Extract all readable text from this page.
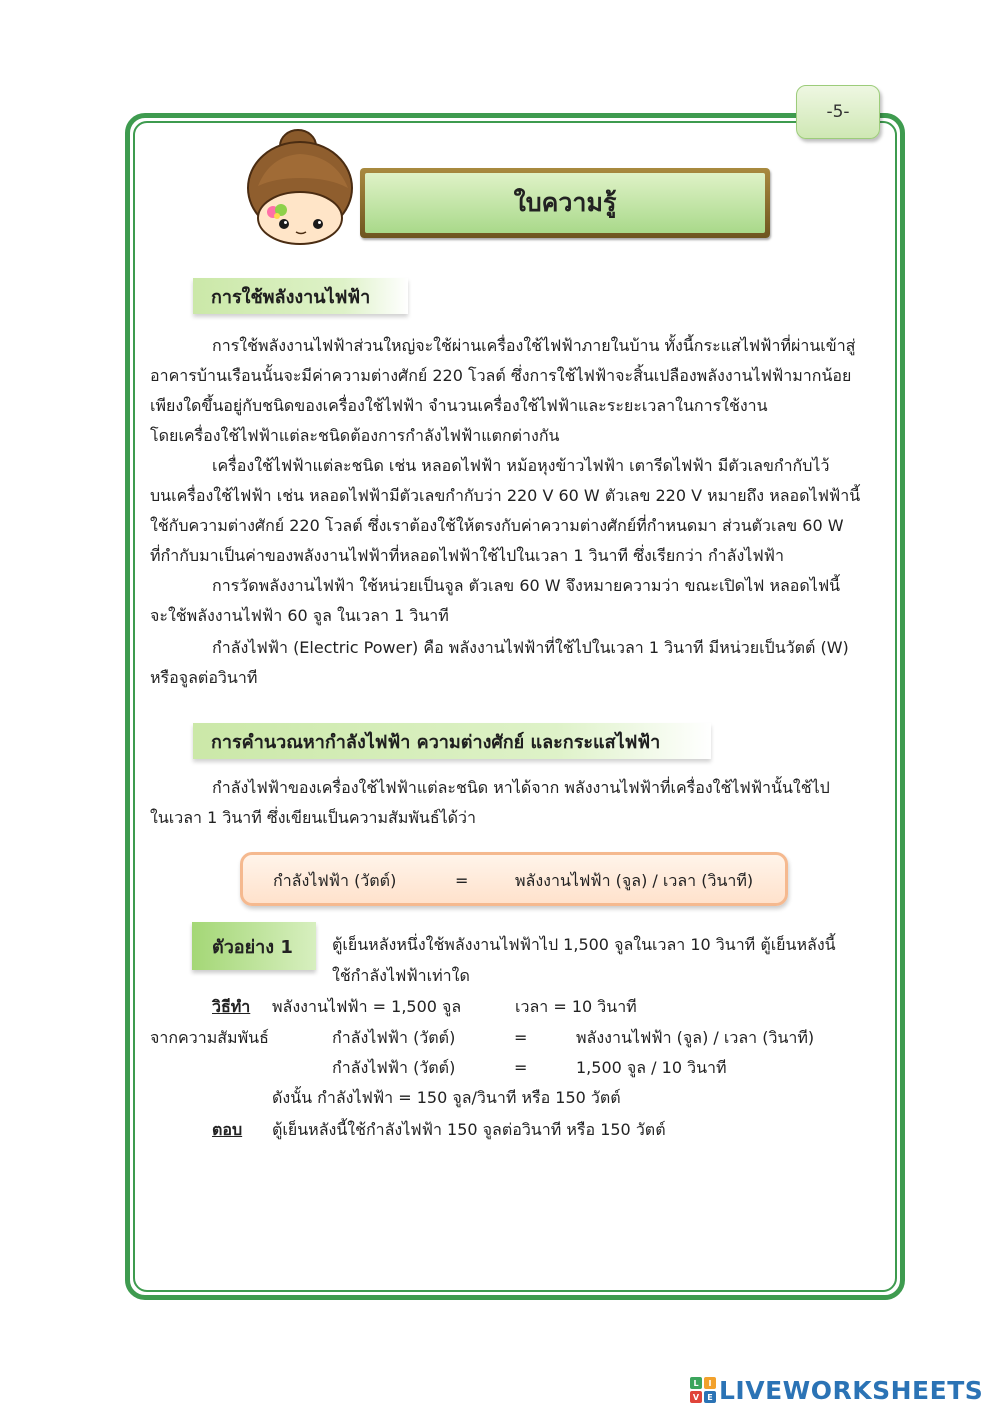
-5-
ใบความรู้
การใช้พลังงานไฟฟ้า
การใช้พลังงานไฟฟ้าส่วนใหญ่จะใช้ผ่านเครื่องใช้ไฟฟ้าภายในบ้าน ทั้งนี้กระแสไฟฟ้าที่ผ่านเข้าสู่
อาคารบ้านเรือนนั้นจะมีค่าความต่างศักย์ 220 โวลต์ ซึ่งการใช้ไฟฟ้าจะสิ้นเปลืองพลังงานไฟฟ้ามากน้อย
เพียงใดขึ้นอยู่กับชนิดของเครื่องใช้ไฟฟ้า จำนวนเครื่องใช้ไฟฟ้าและระยะเวลาในการใช้งาน
โดยเครื่องใช้ไฟฟ้าแต่ละชนิดต้องการกำลังไฟฟ้าแตกต่างกัน
เครื่องใช้ไฟฟ้าแต่ละชนิด เช่น หลอดไฟฟ้า หม้อหุงข้าวไฟฟ้า เตารีดไฟฟ้า มีตัวเลขกำกับไว้
บนเครื่องใช้ไฟฟ้า เช่น หลอดไฟฟ้ามีตัวเลขกำกับว่า 220 V 60 W ตัวเลข 220 V หมายถึง หลอดไฟฟ้านี้
ใช้กับความต่างศักย์ 220 โวลต์ ซึ่งเราต้องใช้ให้ตรงกับค่าความต่างศักย์ที่กำหนดมา ส่วนตัวเลข 60 W
ที่กำกับมาเป็นค่าของพลังงานไฟฟ้าที่หลอดไฟฟ้าใช้ไปในเวลา 1 วินาที ซึ่งเรียกว่า กำลังไฟฟ้า
การวัดพลังงานไฟฟ้า ใช้หน่วยเป็นจูล ตัวเลข 60 W จึงหมายความว่า ขณะเปิดไฟ หลอดไฟนี้
จะใช้พลังงานไฟฟ้า 60 จูล ในเวลา 1 วินาที
กำลังไฟฟ้า (Electric Power) คือ พลังงานไฟฟ้าที่ใช้ไปในเวลา 1 วินาที มีหน่วยเป็นวัตต์ (W)
หรือจูลต่อวินาที
การคำนวณหากำลังไฟฟ้า ความต่างศักย์ และกระแสไฟฟ้า
กำลังไฟฟ้าของเครื่องใช้ไฟฟ้าแต่ละชนิด หาได้จาก พลังงานไฟฟ้าที่เครื่องใช้ไฟฟ้านั้นใช้ไป
ในเวลา 1 วินาที ซึ่งเขียนเป็นความสัมพันธ์ได้ว่า
กำลังไฟฟ้า (วัตต์)	=	พลังงานไฟฟ้า (จูล) / เวลา (วินาที)
ตัวอย่าง 1 ตู้เย็นหลังหนึ่งใช้พลังงานไฟฟ้าไป 1,500 จูลในเวลา 10 วินาที ตู้เย็นหลังนี้
ใช้กำลังไฟฟ้าเท่าใด
วิธีทำ พลังงานไฟฟ้า = 1,500 จูล	เวลา = 10 วินาที
จากความสัมพันธ์	กำลังไฟฟ้า (วัตต์)	=	พลังงานไฟฟ้า (จูล) / เวลา (วินาที)
กำลังไฟฟ้า (วัตต์)	=	1,500 จูล / 10 วินาที
ดังนั้น กำลังไฟฟ้า = 150 จูล/วินาที หรือ 150 วัตต์
ตอบ ตู้เย็นหลังนี้ใช้กำลังไฟฟ้า 150 จูลต่อวินาที หรือ 150 วัตต์
L I
V E LIVEWORKSHEETS
